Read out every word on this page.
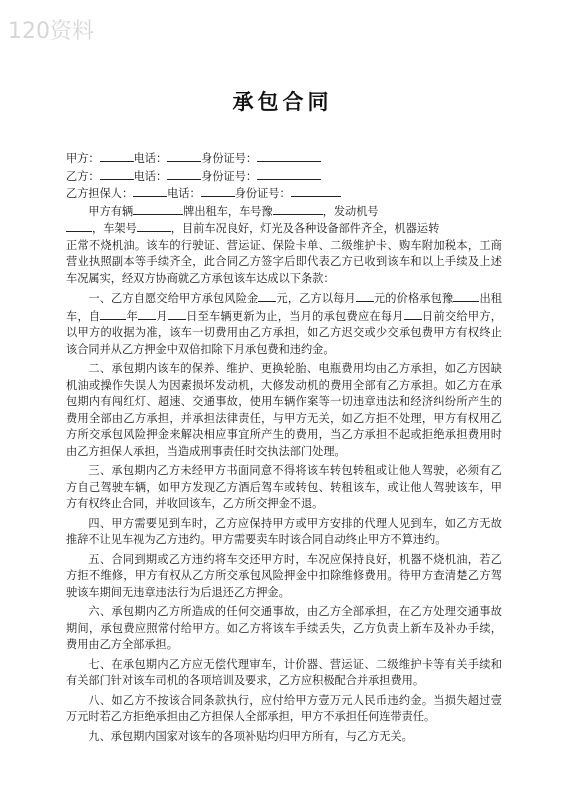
120资料
承包合同
甲方：	电话：	身份证号：
乙方：	电话：	身份证号：
乙方担保人：	电话：	身份证号：
甲方有辆	牌出租车，车号豫	，发动机号
，车架号	，目前车况良好，灯光及各种设备部件齐全，机器运转
正常不烧机油。该车的行驶证、营运证、保险卡单、二级维护卡、购车附加税本，工商营业执照副本等手续齐全，此合同乙方签字后即代表乙方已收到该车和以上手续及上述车况属实，经双方协商就乙方承包该车达成以下条款：
一、乙方自愿交给甲方承包风险金 元，乙方以每月 元的价格承包豫 出租车，自 年 月 日至车辆更新为止，当月的承包费应在每月 日前交给甲方，以甲方的收据为准，该车一切费用由乙方承担，如乙方迟交或少交承包费甲方有权终止该合同并从乙方押金中双倍扣除下月承包费和违约金。
二、承包期内该车的保养、维护、更换轮胎、电瓶费用均由乙方承担，如乙方因缺机油或操作失误人为因素损坏发动机，大修发动机的费用全部有乙方承担。如乙方在承包期内有闯红灯、超速、交通事故，使用车辆作案等一切违章违法和经济纠纷所产生的费用全部由乙方承担，并承担法律责任，与甲方无关，如乙方拒不处理，甲方有权用乙方所交承包风险押金来解决相应事宜所产生的费用，当乙方承担不起或拒绝承担费用时由乙方担保人承担，当造成刑事责任时交执法部门处理。
三、承包期内乙方未经甲方书面同意不得将该车转包转租或让他人驾驶，必须有乙方自己驾驶车辆，如甲方发现乙方酒后驾车或转包、转租该车，或让他人驾驶该车，甲方有权终止合同，并收回该车，乙方所交押金不退。
四、甲方需要见到车时，乙方应保持甲方或甲方安排的代理人见到车，如乙方无故推辞不让见车视为乙方违约。甲方需要卖车时该合同自动终止甲方不算违约。
五、合同到期或乙方违约将车交还甲方时，车况应保持良好，机器不烧机油，若乙方拒不维修，甲方有权从乙方所交承包风险押金中扣除维修费用。待甲方查清楚乙方驾驶该车期间无违章违法行为后退还乙方押金。
六、承包期内乙方所造成的任何交通事故，由乙方全部承担，在乙方处理交通事故期间，承包费应照常付给甲方。如乙方将该车手续丢失，乙方负责上新车及补办手续，费用由乙方全部承担。
七、在承包期内乙方应无偿代理审车，计价器、营运证、二级维护卡等有关手续和有关部门针对该车司机的各项培训及要求，乙方应积极配合并承担费用。
八、如乙方不按该合同条款执行，应付给甲方壹万元人民币违约金。当损失超过壹万元时若乙方拒绝承担由乙方担保人全部承担，甲方不承担任何连带责任。
九、承包期内国家对该车的各项补贴均归甲方所有，与乙方无关。
